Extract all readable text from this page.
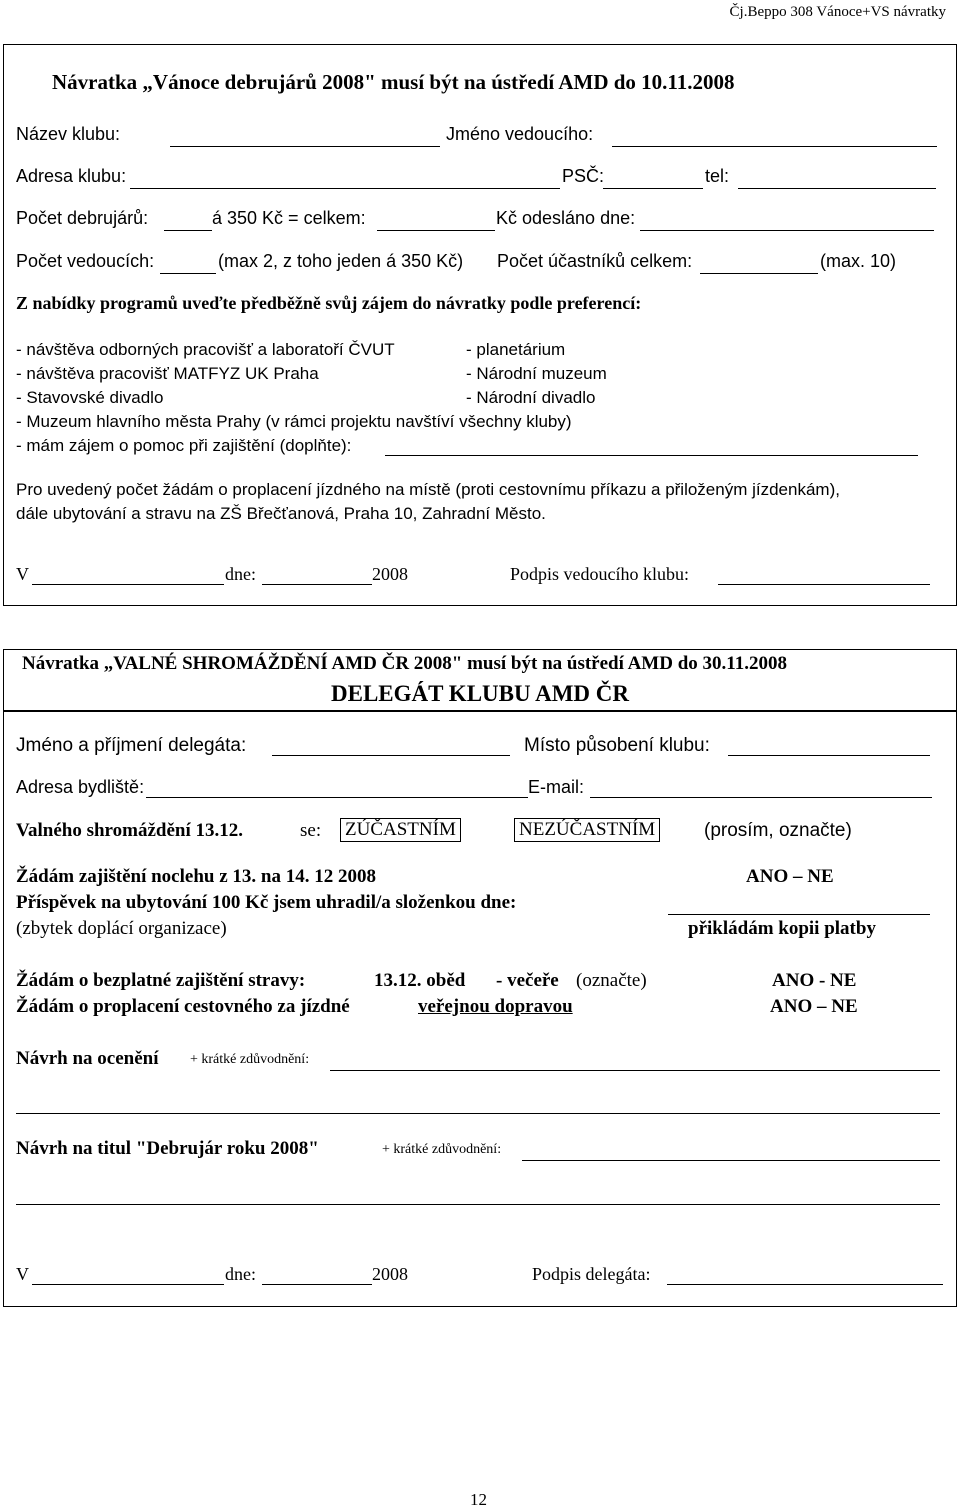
Čj.Beppo 308 Vánoce+VS návratky
Návratka „Vánoce debrujárů 2008" musí být na ústředí AMD do 10.11.2008
Název klubu:	Jméno vedoucího:
Adresa klubu:	PSČ:	tel:
Počet debrujárů:	á 350 Kč = celkem:	Kč odesláno dne:
Počet vedoucích:	(max 2, z toho jeden á 350 Kč) Počet účastníků celkem:	(max. 10)
Z nabídky programů uveďte předběžně svůj zájem do návratky podle preferencí:
- návštěva odborných pracovišť a laboratoří ČVUT
- návštěva pracovišť MATFYZ UK Praha
- Stavovské divadlo
- planetárium
- Národní muzeum
- Národní divadlo
- Muzeum hlavního města Prahy (v rámci projektu navštíví všechny kluby)
- mám zájem o pomoc při zajištění (doplňte):
Pro uvedený počet žádám o proplacení jízdného na místě (proti cestovnímu příkazu a přiloženým jízdenkám),
dále ubytování a stravu na ZŠ Břečťanová, Praha 10, Zahradní Město.
V	dne:	2008	Podpis vedoucího klubu:
Návratka „VALNÉ SHROMÁŽDĚNÍ AMD ČR 2008" musí být na ústředí AMD do 30.11.2008
DELEGÁT KLUBU AMD ČR
Jméno a příjmení delegáta:	Místo působení klubu:
Adresa bydliště:	E-mail:
Valného shromáždění 13.12.	se: ZÚČASTNÍM	NEZÚČASTNÍM	(prosím, označte)
Žádám zajištění noclehu z 13. na 14. 12 2008	ANO – NE
Příspěvek na ubytování 100 Kč jsem uhradil/a složenkou dne:
(zbytek doplácí organizace)	přikládám kopii platby
Žádám o bezplatné zajištění stravy:	13.12. oběd - večeře (označte)	ANO - NE
Žádám o proplacení cestovného za jízdné	veřejnou dopravou	ANO – NE
Návrh na ocenění + krátké zdůvodnění:
Návrh na titul "Debrujár roku 2008"	+ krátké zdůvodnění:
V	dne:	2008	Podpis delegáta:
12
